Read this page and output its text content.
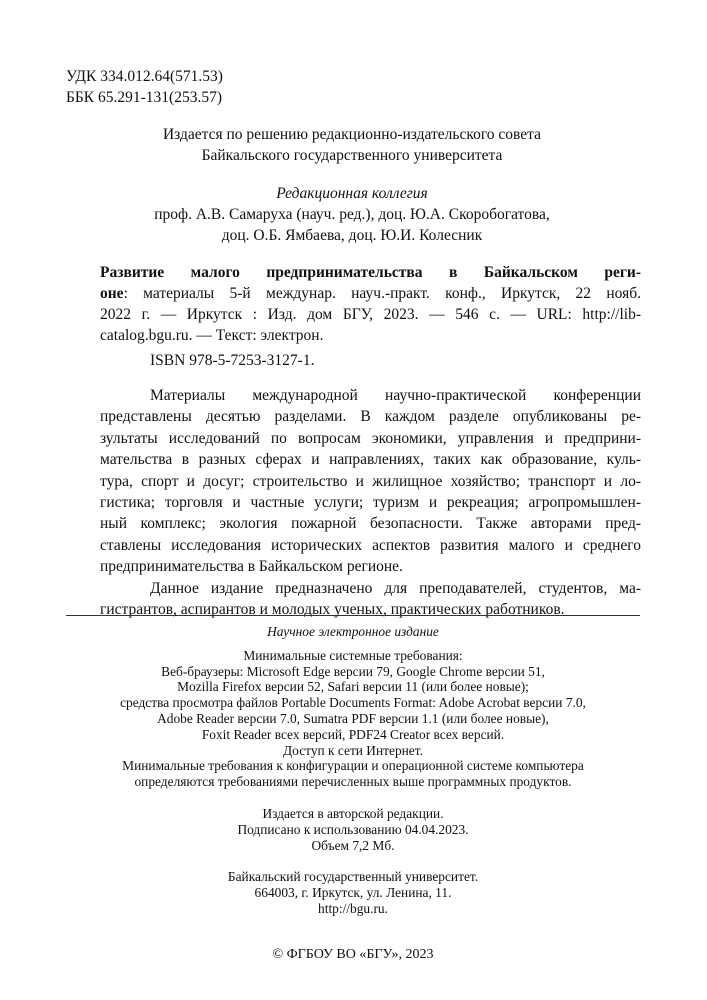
УДК 334.012.64(571.53)
ББК 65.291-131(253.57)
Издается по решению редакционно-издательского совета
Байкальского государственного университета
Редакционная коллегия
проф. А.В. Самаруха (науч. ред.), доц. Ю.А. Скоробогатова,
доц. О.Б. Ямбаева, доц. Ю.И. Колесник
Развитие малого предпринимательства в Байкальском реги-
оне: материалы 5-й междунар. науч.-практ. конф., Иркутск, 22 нояб.
2022 г. — Иркутск : Изд. дом БГУ, 2023. — 546 с. — URL: http://lib-
catalog.bgu.ru. — Текст: электрон.
ISBN 978-5-7253-3127-1.
Материалы международной научно-практической конференции
представлены десятью разделами. В каждом разделе опубликованы ре-
зультаты исследований по вопросам экономики, управления и предприни-
мательства в разных сферах и направлениях, таких как образование, куль-
тура, спорт и досуг; строительство и жилищное хозяйство; транспорт и ло-
гистика; торговля и частные услуги; туризм и рекреация; агропромышлен-
ный комплекс; экология пожарной безопасности. Также авторами пред-
ставлены исследования исторических аспектов развития малого и среднего
предпринимательства в Байкальском регионе.
Данное издание предназначено для преподавателей, студентов, ма-
гистрантов, аспирантов и молодых ученых, практических работников.
Научное электронное издание
Минимальные системные требования:
Веб-браузеры: Microsoft Edge версии 79, Google Chrome версии 51,
Mozilla Firefox версии 52, Safari версии 11 (или более новые);
средства просмотра файлов Portable Documents Format: Adobe Acrobat версии 7.0,
Adobe Reader версии 7.0, Sumatra PDF версии 1.1 (или более новые),
Foxit Reader всех версий, PDF24 Creator всех версий.
Доступ к сети Интернет.
Минимальные требования к конфигурации и операционной системе компьютера
определяются требованиями перечисленных выше программных продуктов.
Издается в авторской редакции.
Подписано к использованию 04.04.2023.
Объем 7,2 Мб.
Байкальский государственный университет.
664003, г. Иркутск, ул. Ленина, 11.
http://bgu.ru.
© ФГБОУ ВО «БГУ», 2023
